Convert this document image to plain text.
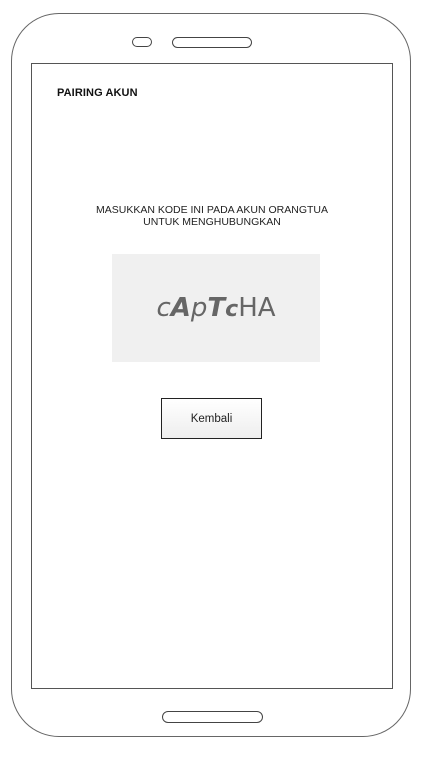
PAIRING AKUN
MASUKKAN KODE INI PADA AKUN ORANGTUA
UNTUK MENGHUBUNGKAN
cApTcHA
Kembali
